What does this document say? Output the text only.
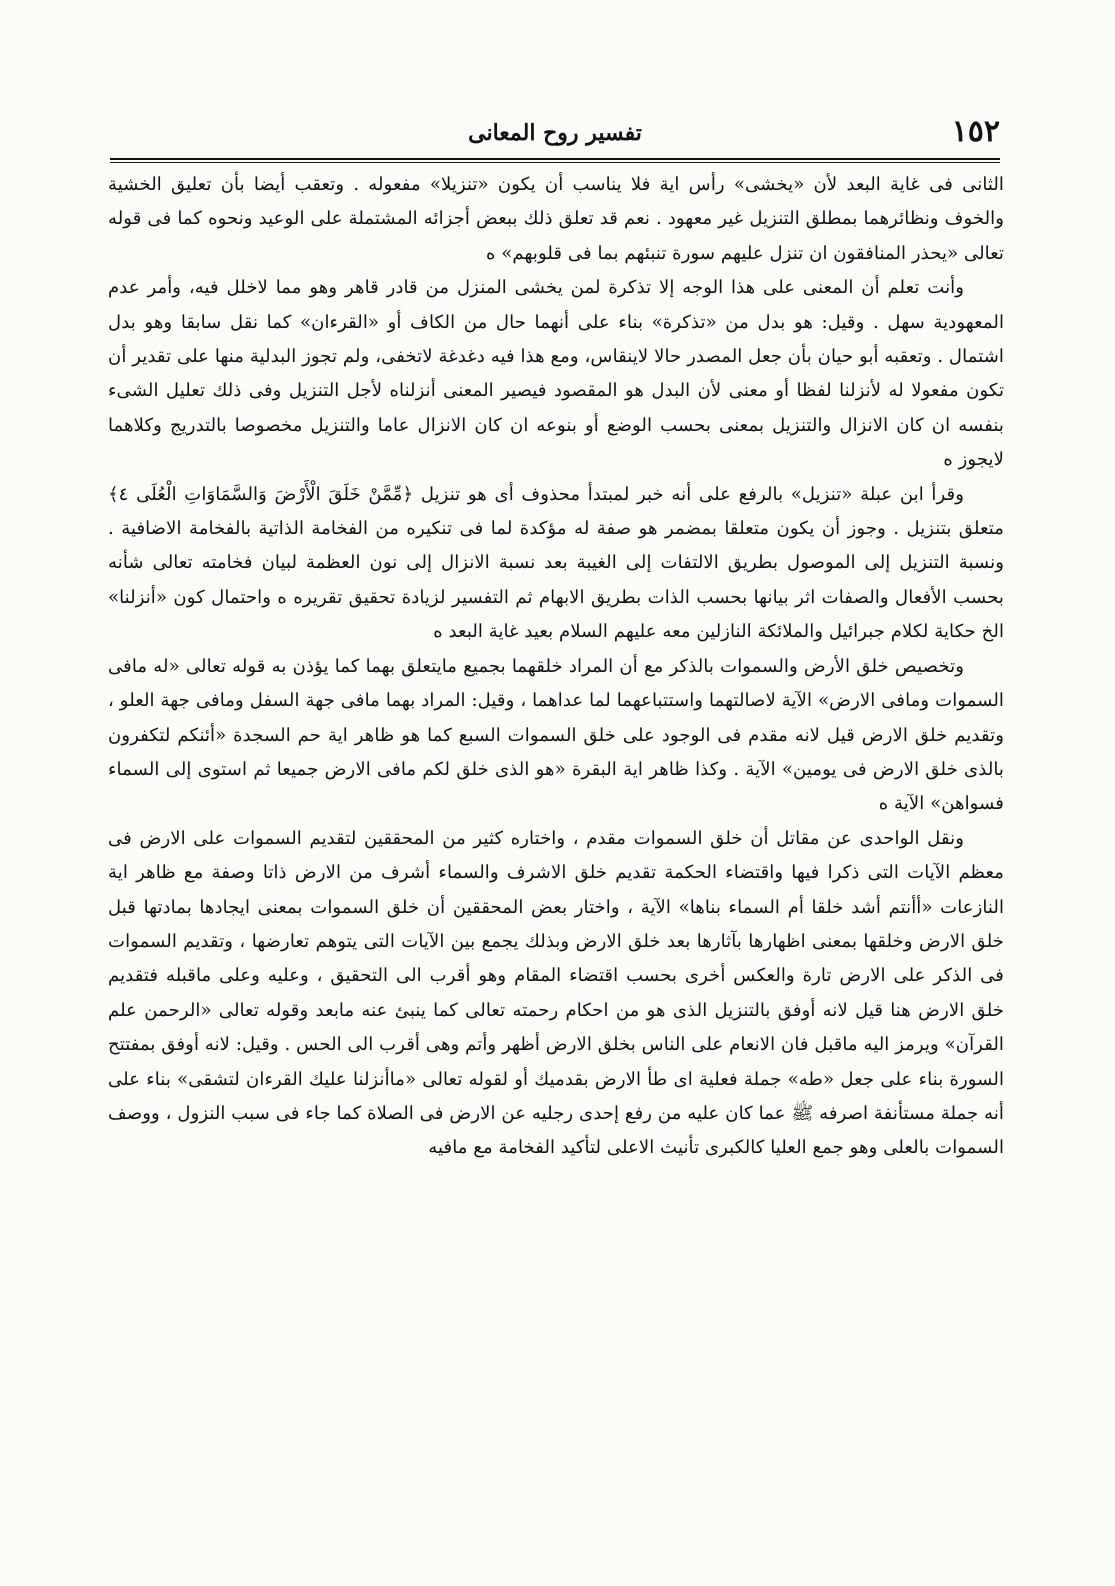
١٥٢
تفسير روح المعانى

الثانى فى غاية البعد لأن «يخشى» رأس اية فلا يناسب أن يكون «تنزيلا» مفعوله . وتعقب أيضا بأن تعليق الخشية والخوف ونظائرهما بمطلق التنزيل غير معهود . نعم قد تعلق ذلك ببعض أجزائه المشتملة على الوعيد ونحوه كما فى قوله تعالى «يحذر المنافقون ان تنزل عليهم سورة تنبئهم بما فى قلوبهم» ه

وأنت تعلم أن المعنى على هذا الوجه إلا تذكرة لمن يخشى المنزل من قادر قاهر وهو مما لاخلل فيه، وأمر عدم المعهودية سهل . وقيل: هو بدل من «تذكرة» بناء على أنهما حال من الكاف أو «القرءان» كما نقل سابقا وهو بدل اشتمال . وتعقبه أبو حيان بأن جعل المصدر حالا لاينقاس، ومع هذا فيه دغدغة لاتخفى، ولم تجوز البدلية منها على تقدير أن تكون مفعولا له لأنزلنا لفظا أو معنى لأن البدل هو المقصود فيصير المعنى أنزلناه لأجل التنزيل وفى ذلك تعليل الشىء بنفسه ان كان الانزال والتنزيل بمعنى بحسب الوضع أو بنوعه ان كان الانزال عاما والتنزيل مخصوصا بالتدريج وكلاهما لايجوز ه

وقرأ ابن عبلة «تنزيل» بالرفع على أنه خبر لمبتدأ محذوف أى هو تنزيل ﴿مِّمَّنْ خَلَقَ الْأَرْضَ وَالسَّمَاوَاتِ الْعُلَى ٤﴾ متعلق بتنزيل . وجوز أن يكون متعلقا بمضمر هو صفة له مؤكدة لما فى تنكيره من الفخامة الذاتية بالفخامة الاضافية . ونسبة التنزيل إلى الموصول بطريق الالتفات إلى الغيبة بعد نسبة الانزال إلى نون العظمة لبيان فخامته تعالى شأنه بحسب الأفعال والصفات اثر بيانها بحسب الذات بطريق الابهام ثم التفسير لزيادة تحقيق تقريره ه واحتمال كون «أنزلنا» الخ حكاية لكلام جبرائيل والملائكة النازلين معه عليهم السلام بعيد غاية البعد ه

وتخصيص خلق الأرض والسموات بالذكر مع أن المراد خلقهما بجميع مايتعلق بهما كما يؤذن به قوله تعالى «له مافى السموات ومافى الارض» الآية لاصالتهما واستتباعهما لما عداهما ، وقيل: المراد بهما مافى جهة السفل ومافى جهة العلو ، وتقديم خلق الارض قيل لانه مقدم فى الوجود على خلق السموات السبع كما هو ظاهر اية حم السجدة «أئنكم لتكفرون بالذى خلق الارض فى يومين» الآية . وكذا ظاهر اية البقرة «هو الذى خلق لكم مافى الارض جميعا ثم استوى إلى السماء فسواهن» الآية ه

ونقل الواحدى عن مقاتل أن خلق السموات مقدم ، واختاره كثير من المحققين لتقديم السموات على الارض فى معظم الآيات التى ذكرا فيها واقتضاء الحكمة تقديم خلق الاشرف والسماء أشرف من الارض ذاتا وصفة مع ظاهر اية النازعات «أأنتم أشد خلقا أم السماء بناها» الآية ، واختار بعض المحققين أن خلق السموات بمعنى ايجادها بمادتها قبل خلق الارض وخلقها بمعنى اظهارها بآثارها بعد خلق الارض وبذلك يجمع بين الآيات التى يتوهم تعارضها ، وتقديم السموات فى الذكر على الارض تارة والعكس أخرى بحسب اقتضاء المقام وهو أقرب الى التحقيق ، وعليه وعلى ماقبله فتقديم خلق الارض هنا قيل لانه أوفق بالتنزيل الذى هو من احكام رحمته تعالى كما ينبئ عنه مابعد وقوله تعالى «الرحمن علم القرآن» ويرمز اليه ماقبل فان الانعام على الناس بخلق الارض أظهر وأتم وهى أقرب الى الحس . وقيل: لانه أوفق بمفتتح السورة بناء على جعل «طه» جملة فعلية اى طأ الارض بقدميك أو لقوله تعالى «ماأنزلنا عليك القرءان لتشقى» بناء على أنه جملة مستأنفة اصرفه ﷺ عما كان عليه من رفع إحدى رجليه عن الارض فى الصلاة كما جاء فى سبب النزول ، ووصف السموات بالعلى وهو جمع العليا كالكبرى تأنيث الاعلى لتأكيد الفخامة مع مافيه
